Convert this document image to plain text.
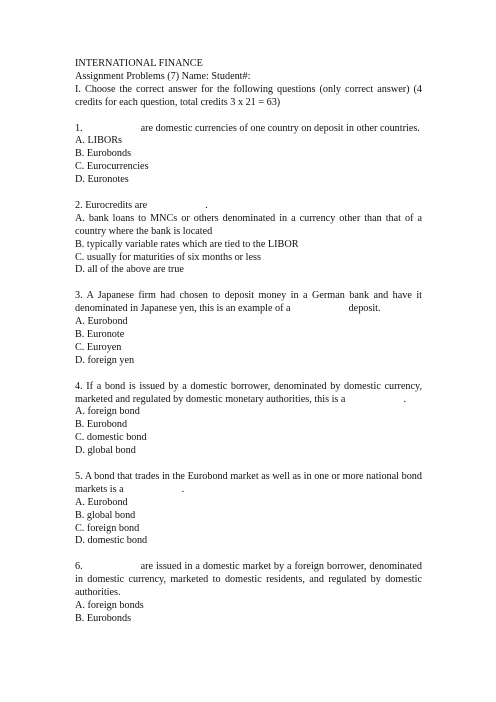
INTERNATIONAL FINANCE
Assignment Problems (7) Name: Student#:
I. Choose the correct answer for the following questions (only correct answer) (4 credits for each question, total credits 3 x 21 = 63)
1.	are domestic currencies of one country on deposit in other countries.
A. LIBORs
B. Eurobonds
C. Eurocurrencies
D. Euronotes
2. Eurocredits are	.
A. bank loans to MNCs or others denominated in a currency other than that of a country where the bank is located
B. typically variable rates which are tied to the LIBOR
C. usually for maturities of six months or less
D. all of the above are true
3. A Japanese firm had chosen to deposit money in a German bank and have it denominated in Japanese yen, this is an example of a	deposit.
A. Eurobond
B. Euronote
C. Euroyen
D. foreign yen
4. If a bond is issued by a domestic borrower, denominated by domestic currency, marketed and regulated by domestic monetary authorities, this is a	.
A. foreign bond
B. Eurobond
C. domestic bond
D. global bond
5. A bond that trades in the Eurobond market as well as in one or more national bond markets is a	.
A. Eurobond
B. global bond
C. foreign bond
D. domestic bond
6.	are issued in a domestic market by a foreign borrower, denominated in domestic currency, marketed to domestic residents, and regulated by domestic authorities.
A. foreign bonds
B. Eurobonds
